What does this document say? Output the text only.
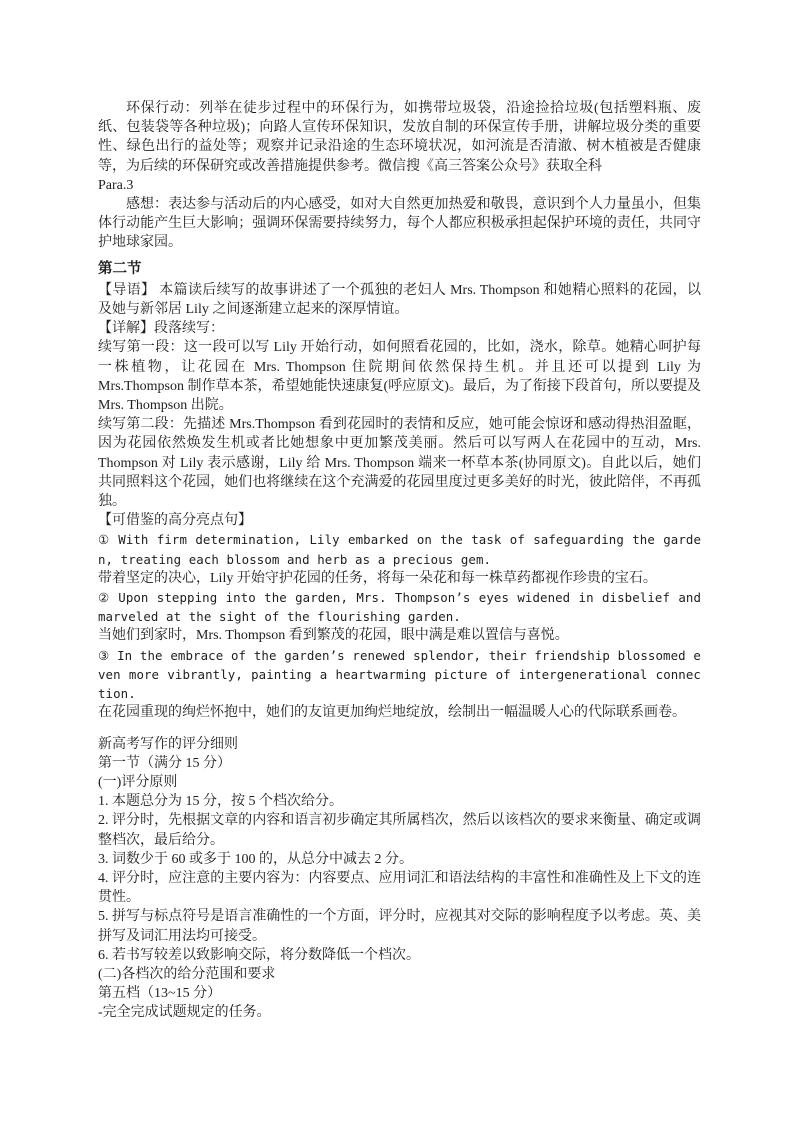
环保行动：列举在徒步过程中的环保行为，如携带垃圾袋，沿途捡拾垃圾(包括塑料瓶、废纸、包装袋等各种垃圾)；向路人宣传环保知识，发放自制的环保宣传手册，讲解垃圾分类的重要性、绿色出行的益处等；观察并记录沿途的生态环境状况，如河流是否清澈、树木植被是否健康等，为后续的环保研究或改善措施提供参考。微信搜《高三答案公众号》获取全科

Para.3

感想：表达参与活动后的内心感受，如对大自然更加热爱和敬畏，意识到个人力量虽小，但集体行动能产生巨大影响；强调环保需要持续努力，每个人都应积极承担起保护环境的责任，共同守护地球家园。

第二节

【导语】 本篇读后续写的故事讲述了一个孤独的老妇人 Mrs. Thompson 和她精心照料的花园，以及她与新邻居 Lily 之间逐渐建立起来的深厚情谊。

【详解】段落续写：

续写第一段：这一段可以写 Lily 开始行动，如何照看花园的，比如，浇水，除草。她精心呵护每一株植物，让花园在 Mrs. Thompson 住院期间依然保持生机。并且还可以提到 Lily 为 Mrs.Thompson 制作草本茶，希望她能快速康复(呼应原文)。最后，为了衔接下段首句，所以要提及 Mrs. Thompson 出院。

续写第二段：先描述 Mrs.Thompson 看到花园时的表情和反应，她可能会惊讶和感动得热泪盈眶，因为花园依然焕发生机或者比她想象中更加繁茂美丽。然后可以写两人在花园中的互动，Mrs. Thompson 对 Lily 表示感谢，Lily 给 Mrs. Thompson 端来一杯草本茶(协同原文)。自此以后，她们共同照料这个花园，她们也将继续在这个充满爱的花园里度过更多美好的时光，彼此陪伴，不再孤独。

【可借鉴的高分亮点句】

① With firm determination, Lily embarked on the task of safeguarding the garden, treating each blossom and herb as a precious gem.

带着坚定的决心，Lily 开始守护花园的任务，将每一朵花和每一株草药都视作珍贵的宝石。

② Upon stepping into the garden, Mrs. Thompson’s eyes widened in disbelief and marveled at the sight of the flourishing garden.

当她们到家时，Mrs. Thompson 看到繁茂的花园，眼中满是难以置信与喜悦。

③ In the embrace of the garden’s renewed splendor, their friendship blossomed even more vibrantly, painting a heartwarming picture of intergenerational connection.

在花园重现的绚烂怀抱中，她们的友谊更加绚烂地绽放，绘制出一幅温暖人心的代际联系画卷。

新高考写作的评分细则

第一节（满分 15 分）

(一)评分原则

1. 本题总分为 15 分，按 5 个档次给分。

2. 评分时，先根据文章的内容和语言初步确定其所属档次，然后以该档次的要求来衡量、确定或调整档次，最后给分。

3. 词数少于 60 或多于 100 的，从总分中减去 2 分。

4. 评分时，应注意的主要内容为：内容要点、应用词汇和语法结构的丰富性和准确性及上下文的连贯性。

5. 拼写与标点符号是语言准确性的一个方面，评分时，应视其对交际的影响程度予以考虑。英、美拼写及词汇用法均可接受。

6. 若书写较差以致影响交际，将分数降低一个档次。

(二)各档次的给分范围和要求

第五档（13~15 分）

-完全完成试题规定的任务。
